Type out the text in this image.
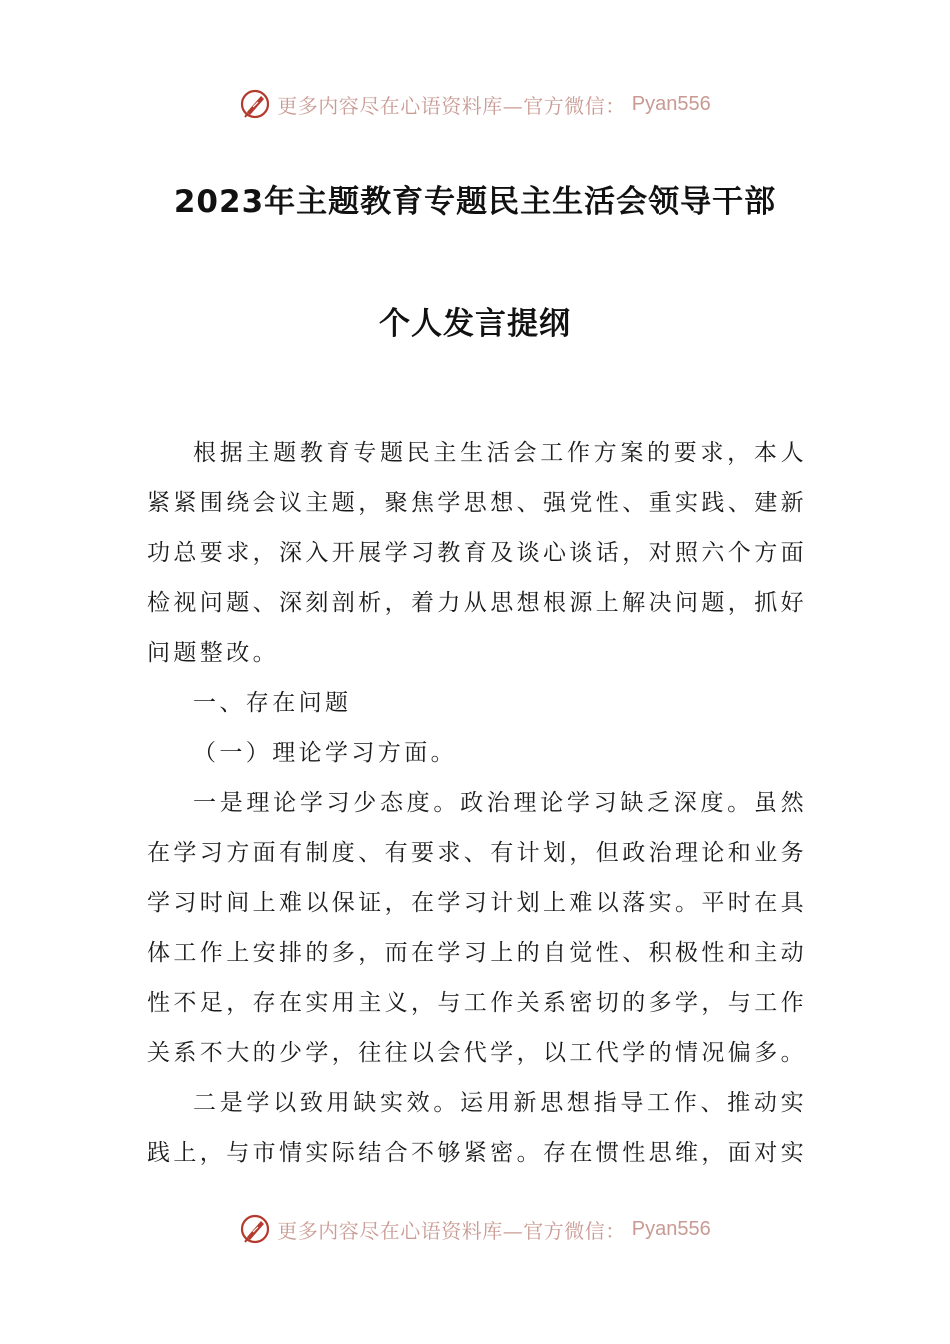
更多内容尽在心语资料库—官方微信： Pyan556
2023年主题教育专题民主生活会领导干部
个人发言提纲

根据主题教育专题民主生活会工作方案的要求，本人紧紧围绕会议主题，聚焦学思想、强党性、重实践、建新功总要求，深入开展学习教育及谈心谈话，对照六个方面检视问题、深刻剖析，着力从思想根源上解决问题，抓好问题整改。

一、存在问题

（一）理论学习方面。

一是理论学习少态度。政治理论学习缺乏深度。虽然在学习方面有制度、有要求、有计划，但政治理论和业务学习时间上难以保证，在学习计划上难以落实。平时在具体工作上安排的多，而在学习上的自觉性、积极性和主动性不足，存在实用主义，与工作关系密切的多学，与工作关系不大的少学，往往以会代学，以工代学的情况偏多。

二是学以致用缺实效。运用新思想指导工作、推动实践上，与市情实际结合不够紧密。存在惯性思维，面对实

更多内容尽在心语资料库—官方微信： Pyan556
